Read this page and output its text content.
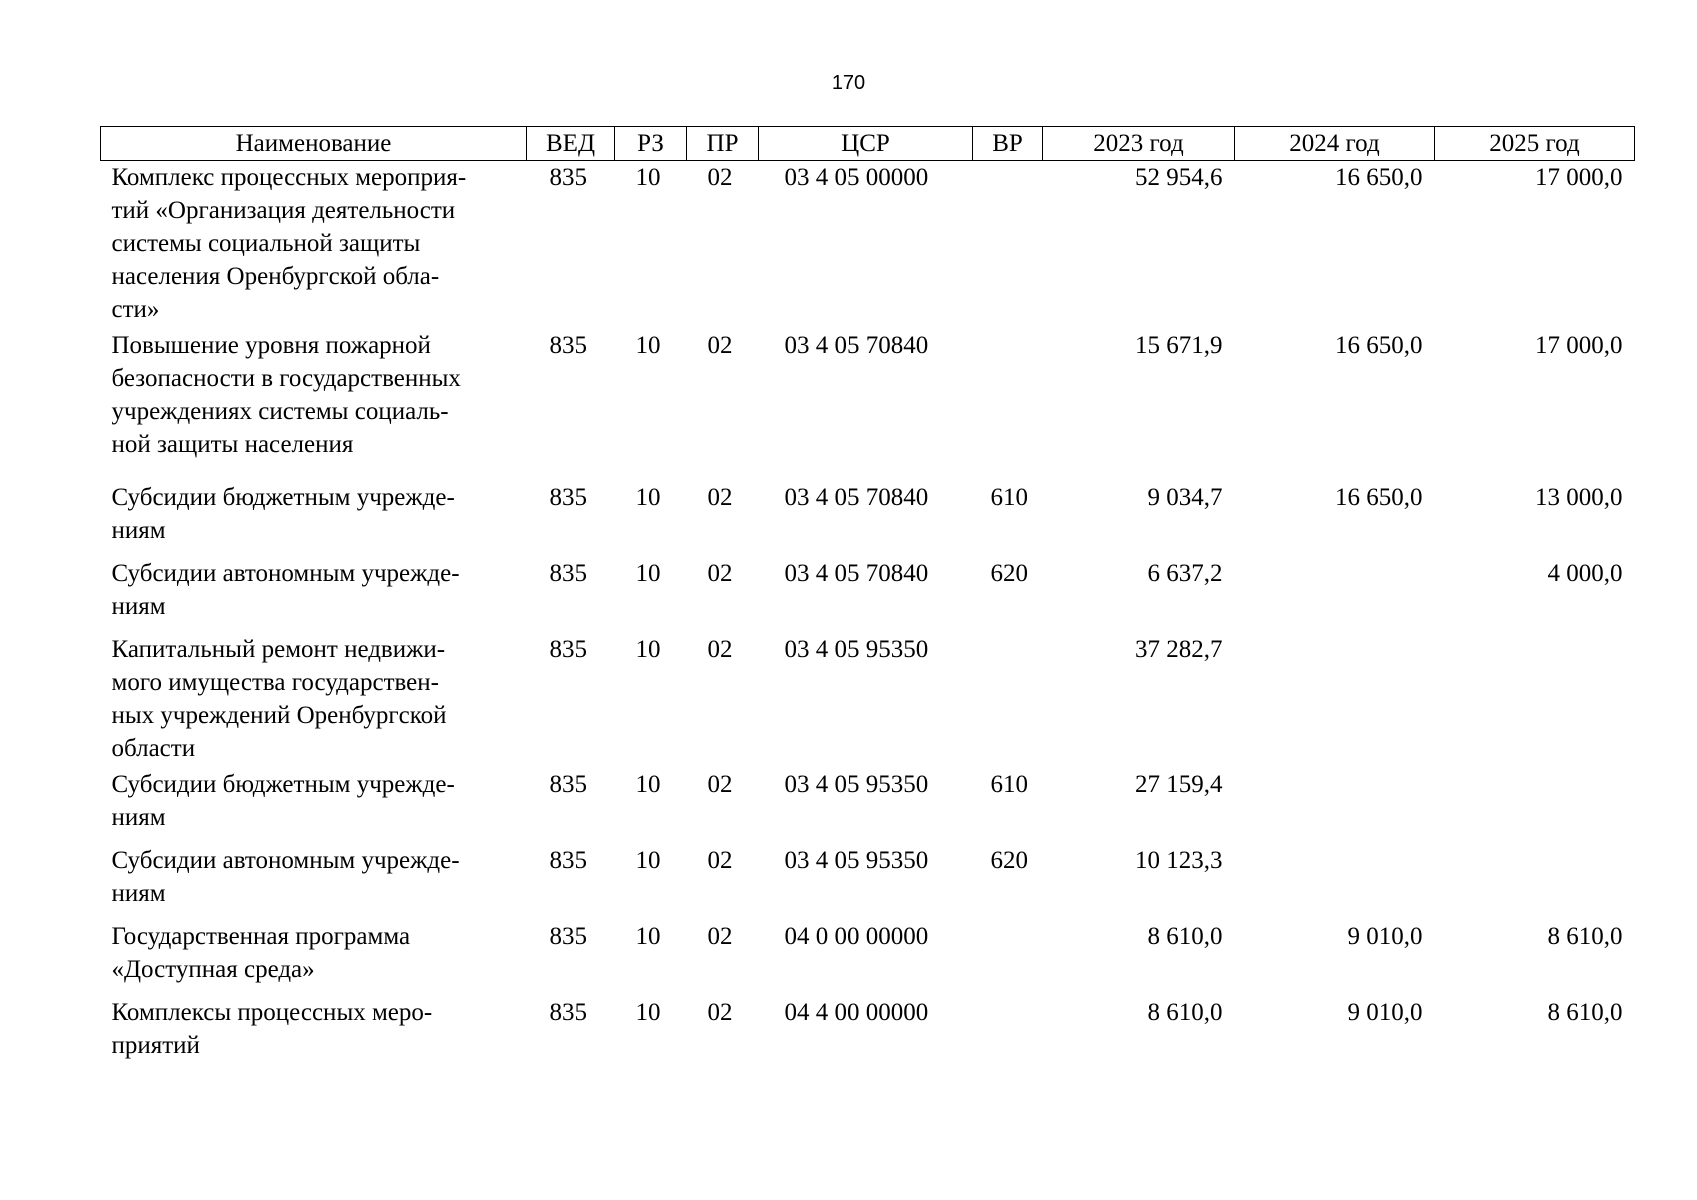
170
Наименование	ВЕД	РЗ	ПР	ЦСР	ВР	2023 год	2024 год	2025 год

Комплекс процессных мероприя-
тий «Организация деятельности
системы социальной защиты
населения Оренбургской обла-
сти»	835	10	02	03 4 05 00000		52 954,6	16 650,0	17 000,0

Повышение уровня пожарной
безопасности в государственных
учреждениях системы социаль-
ной защиты населения	835	10	02	03 4 05 70840		15 671,9	16 650,0	17 000,0

Субсидии бюджетным учрежде-
ниям	835	10	02	03 4 05 70840	610	9 034,7	16 650,0	13 000,0

Субсидии автономным учрежде-
ниям	835	10	02	03 4 05 70840	620	6 637,2		4 000,0

Капитальный ремонт недвижи-
мого имущества государствен-
ных учреждений Оренбургской
области	835	10	02	03 4 05 95350		37 282,7		

Субсидии бюджетным учрежде-
ниям	835	10	02	03 4 05 95350	610	27 159,4		

Субсидии автономным учрежде-
ниям	835	10	02	03 4 05 95350	620	10 123,3		

Государственная программа
«Доступная среда»	835	10	02	04 0 00 00000		8 610,0	9 010,0	8 610,0

Комплексы процессных меро-
приятий	835	10	02	04 4 00 00000		8 610,0	9 010,0	8 610,0
